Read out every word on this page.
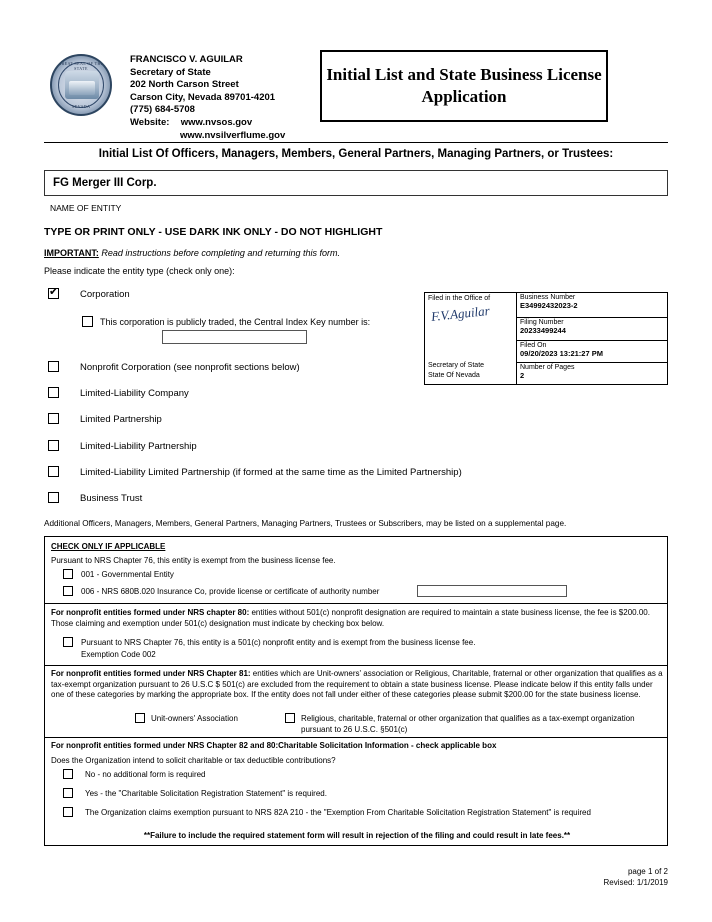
GREAT SEAL OF THE STATE
NEVADA
FRANCISCO V. AGUILAR
Secretary of State
202 North Carson Street
Carson City, Nevada 89701-4201
(775) 684-5708
Website: www.nvsos.gov
www.nvsilverflume.gov
Initial List and State Business License Application
Initial List Of Officers, Managers, Members, General Partners, Managing Partners, or Trustees:
FG Merger III Corp.
NAME OF ENTITY
TYPE OR PRINT ONLY - USE DARK INK ONLY - DO NOT HIGHLIGHT
IMPORTANT: Read instructions before completing and returning this form.
Please indicate the entity type (check only one):
✔
Corporation
This corporation is publicly traded, the Central Index Key number is:
Nonprofit Corporation (see nonprofit sections below)
Limited-Liability Company
Limited Partnership
Limited-Liability Partnership
Limited-Liability Limited Partnership (if formed at the same time as the Limited Partnership)
Business Trust
Additional Officers, Managers, Members, General Partners, Managing Partners, Trustees or Subscribers, may be listed on a supplemental page.
Filed in the Office of
F.V.Aguilar
Secretary of State
State Of Nevada
Business Number
E34992432023-2
Filing Number
20233499244
Filed On
09/20/2023 13:21:27 PM
Number of Pages
2
CHECK ONLY IF APPLICABLE
Pursuant to NRS Chapter 76, this entity is exempt from the business license fee.
001 - Governmental Entity
006 - NRS 680B.020 Insurance Co, provide license or certificate of authority number
For nonprofit entities formed under NRS chapter 80: entities without 501(c) nonprofit designation are required to maintain a state business license, the fee is $200.00. Those claiming and exemption under 501(c) designation must indicate by checking box below.
Pursuant to NRS Chapter 76, this entity is a 501(c) nonprofit entity and is exempt from the business license fee.
Exemption Code 002
For nonprofit entities formed under NRS Chapter 81: entities which are Unit-owners' association or Religious, Charitable, fraternal or other organization that qualifies as a tax-exempt organization pursuant to 26 U.S.C $ 501(c) are excluded from the requirement to obtain a state business license. Please indicate below if this entity falls under one of these categories by marking the appropriate box. If the entity does not fall under either of these categories please submit $200.00 for the state business license.
Unit-owners' Association	Religious, charitable, fraternal or other organization that qualifies as a tax-exempt organization pursuant to 26 U.S.C. §501(c)
For nonprofit entities formed under NRS Chapter 82 and 80:Charitable Solicitation Information - check applicable box
Does the Organization intend to solicit charitable or tax deductible contributions?
No - no additional form is required
Yes - the "Charitable Solicitation Registration Statement" is required.
The Organization claims exemption pursuant to NRS 82A 210 - the "Exemption From Charitable Solicitation Registration Statement" is required
**Failure to include the required statement form will result in rejection of the filing and could result in late fees.**
page 1 of 2
Revised: 1/1/2019
